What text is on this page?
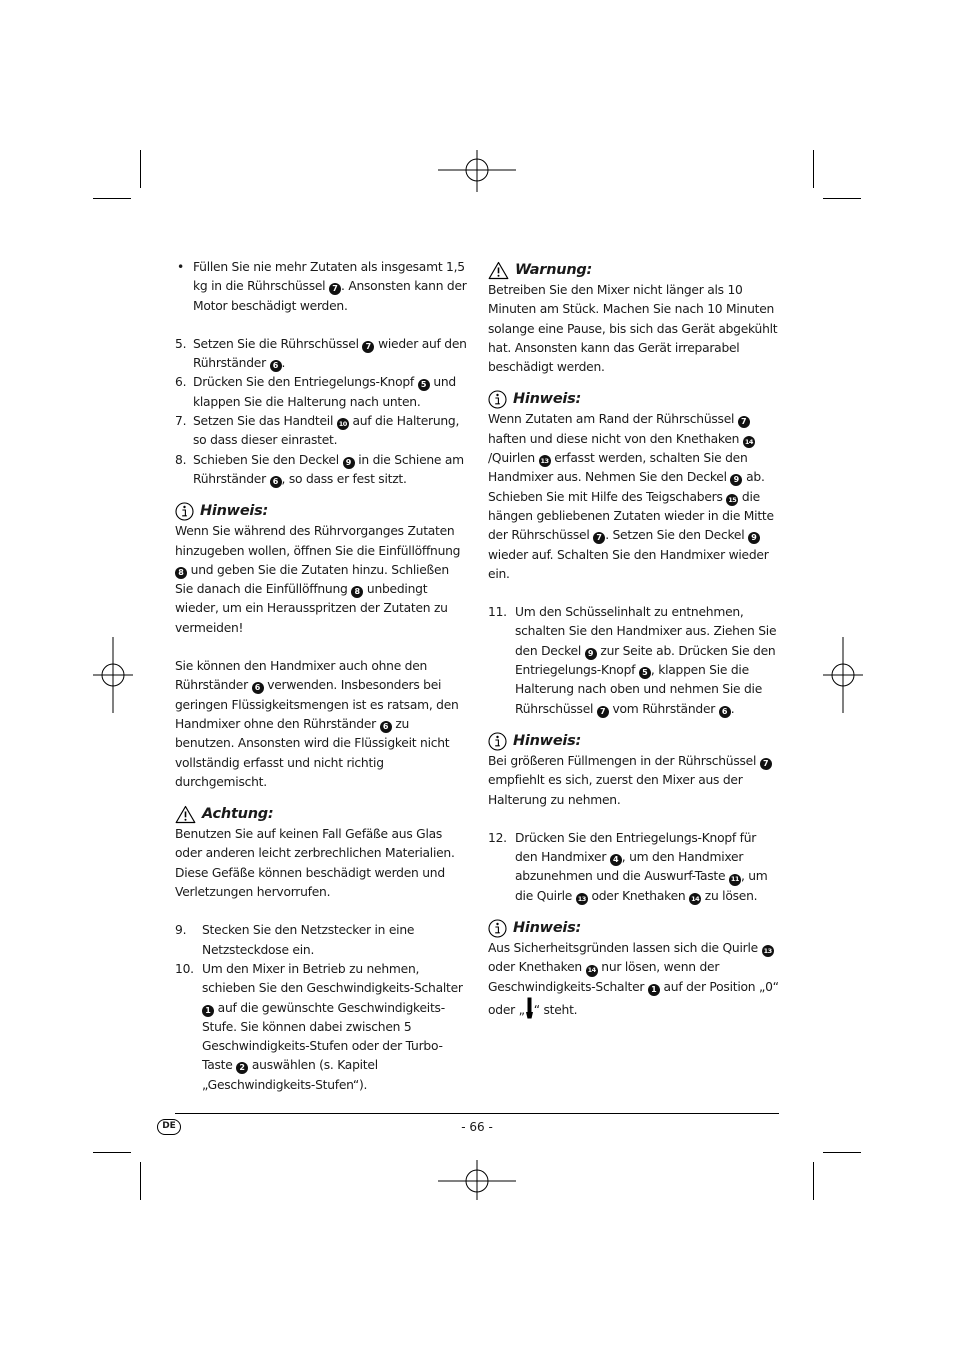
• Füllen Sie nie mehr Zutaten als insgesamt 1,5 kg in die Rührschüssel 7 . Ansonsten kann der Motor beschädigt werden.
5. Setzen Sie die Rührschüssel 7 wieder auf den Rührständer 6 .
6. Drücken Sie den Entriegelungs-Knopf 5 und klappen Sie die Halterung nach unten.
7. Setzen Sie das Handteil 10 auf die Halterung, so dass dieser einrastet.
8. Schieben Sie den Deckel 9 in die Schiene am Rührständer 6 , so dass er fest sitzt.
Hinweis:

Wenn Sie während des Rührvorganges Zutaten hinzugeben wollen, öffnen Sie die Einfüllöffnung 8 und geben Sie die Zutaten hinzu. Schließen Sie danach die Einfüllöffnung 8 unbedingt wieder, um ein Herausspritzen der Zutaten zu vermeiden!

Sie können den Handmixer auch ohne den Rührständer 6 verwenden. Insbesonders bei geringen Flüssigkeitsmengen ist es ratsam, den Handmixer ohne den Rührständer 6 zu benutzen. Ansonsten wird die Flüssigkeit nicht vollständig erfasst und nicht richtig durchgemischt.

Achtung:

Benutzen Sie auf keinen Fall Gefäße aus Glas oder anderen leicht zerbrechlichen Materialien. Diese Gefäße können beschädigt werden und Verletzungen hervorrufen.

9.	Stecken Sie den Netzstecker in eine Netzsteckdose ein.
10. Um den Mixer in Betrieb zu nehmen, schieben Sie den Geschwindigkeits-Schalter 1 auf die gewünschte Geschwindigkeits-Stufe. Sie können dabei zwischen 5 Geschwindigkeits-Stufen oder der Turbo-Taste 2 auswählen (s. Kapitel „Geschwindigkeits-Stufen“).
Warnung:

Betreiben Sie den Mixer nicht länger als 10 Minuten am Stück. Machen Sie nach 10 Minuten solange eine Pause, bis sich das Gerät abgekühlt hat. Ansonsten kann das Gerät irreparabel beschädigt werden.

Hinweis:

Wenn Zutaten am Rand der Rührschüssel 7 haften und diese nicht von den Knethaken 14/Quirlen 13 erfasst werden, schalten Sie den Handmixer aus. Nehmen Sie den Deckel 9 ab. Schieben Sie mit Hilfe des Teigschabers 15 die hängen gebliebenen Zutaten wieder in die Mitte der Rührschüssel 7 . Setzen Sie den Deckel 9 wieder auf. Schalten Sie den Handmixer wieder ein.

11. Um den Schüsselinhalt zu entnehmen, schalten Sie den Handmixer aus. Ziehen Sie den Deckel 9 zur Seite ab. Drücken Sie den Entriegelungs-Knopf 5 , klappen Sie die Halterung nach oben und nehmen Sie die Rührschüssel 7 vom Rührständer 6 .
Hinweis:

Bei größeren Füllmengen in der Rührschüssel 7 empfiehlt es sich, zuerst den Mixer aus der Halterung zu nehmen.

12. Drücken Sie den Entriegelungs-Knopf für den Handmixer 4 , um den Handmixer abzunehmen und die Auswurf-Taste 11 , um die Quirle 13 oder Knethaken 14 zu lösen.
Hinweis:

Aus Sicherheitsgründen lassen sich die Quirle 13 oder Knethaken 14 nur lösen, wenn der Geschwindigkeits-Schalter 1 auf der Position „0“ oder „ “ steht.

DE	- 66 -
